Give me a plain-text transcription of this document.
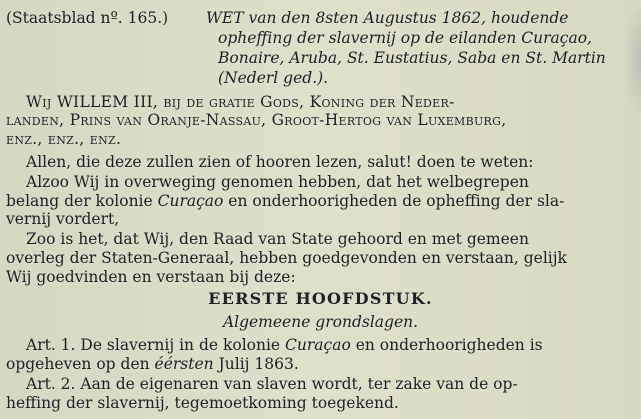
(Staatsblad nº. 165.) WET van den 8sten Augustus 1862, houdende
opheffing der slavernij op de eilanden Curaçao,
Bonaire, Aruba, St. Eustatius, Saba en St. Martin
(Nederl ged.).
Wij WILLEM III, bij de gratie Gods, Koning der Neder-
landen, Prins van Oranje-Nassau, Groot-Hertog van Luxemburg,
enz., enz., enz.
Allen, die deze zullen zien of hooren lezen, salut! doen te weten:
Alzoo Wij in overweging genomen hebben, dat het welbegrepen
belang der kolonie Curaçao en onderhoorigheden de opheffing der sla-
vernij vordert,
Zoo is het, dat Wij, den Raad van State gehoord en met gemeen
overleg der Staten-Generaal, hebben goedgevonden en verstaan, gelijk
Wij goedvinden en verstaan bij deze:
EERSTE HOOFDSTUK.
Algemeene grondslagen.
Art. 1. De slavernij in de kolonie Curaçao en onderhoorigheden is
opgeheven op den éérsten Julij 1863.
Art. 2. Aan de eigenaren van slaven wordt, ter zake van de op-
heffing der slavernij, tegemoetkoming toegekend.
